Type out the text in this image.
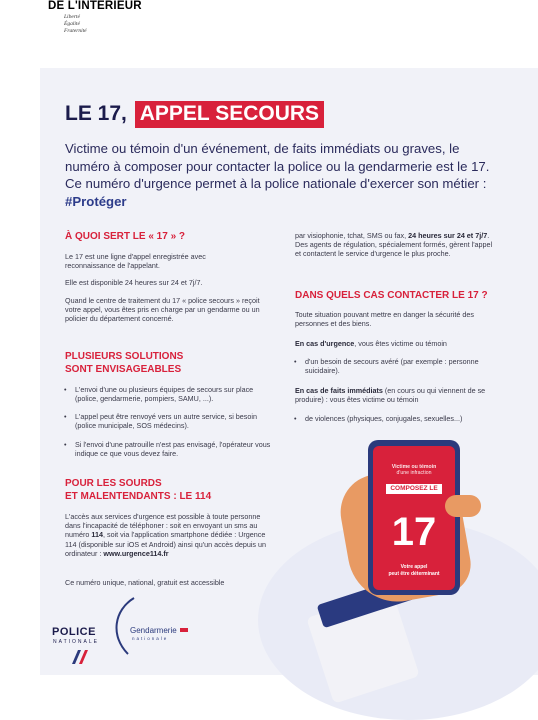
DE L'INTÉRIEUR
Liberté
Égalité
Fraternité
Victime ou témoin
d'une infraction
COMPOSEZ LE
17
Votre appel
peut être déterminant
LE 17, APPEL SECOURS
Victime ou témoin d'un événement, de faits immédiats ou graves, le numéro à composer pour contacter la police ou la gendarmerie est le 17. Ce numéro d'urgence permet à la police nationale d'exercer son métier : #Protéger
À QUOI SERT LE « 17 » ?
Le 17 est une ligne d'appel enregistrée avec reconnaissance de l'appelant.
Elle est disponible 24 heures sur 24 et 7j/7.
Quand le centre de traitement du 17 « police secours » reçoit votre appel, vous êtes pris en charge par un gendarme ou un policier du département concerné.
PLUSIEURS SOLUTIONS
SONT ENVISAGEABLES
• L'envoi d'une ou plusieurs équipes de secours sur place (police, gendarmerie, pompiers, SAMU, ...).
• L'appel peut être renvoyé vers un autre service, si besoin (police municipale, SOS médecins).
• Si l'envoi d'une patrouille n'est pas envisagé, l'opérateur vous indique ce que vous devez faire.
POUR LES SOURDS
ET MALENTENDANTS : LE 114
L'accès aux services d'urgence est possible à toute personne dans l'incapacité de téléphoner : soit en envoyant un sms au numéro 114, soit via l'application smartphone dédiée : Urgence 114 (disponible sur iOS et Android) ainsi qu'un accès depuis un ordinateur : www.urgence114.fr
Ce numéro unique, national, gratuit est accessible
par visiophonie, tchat, SMS ou fax, 24 heures sur 24 et 7j/7. Des agents de régulation, spécialement formés, gèrent l'appel et contactent le service d'urgence le plus proche.
DANS QUELS CAS CONTACTER LE 17 ?
Toute situation pouvant mettre en danger la sécurité des personnes et des biens.
En cas d'urgence, vous êtes victime ou témoin
• d'un besoin de secours avéré (par exemple : personne suicidaire).
En cas de faits immédiats (en cours ou qui viennent de se produire) : vous êtes victime ou témoin
• de violences (physiques, conjugales, sexuelles...)
POLICE
NATIONALE
Gendarmerie
nationale
